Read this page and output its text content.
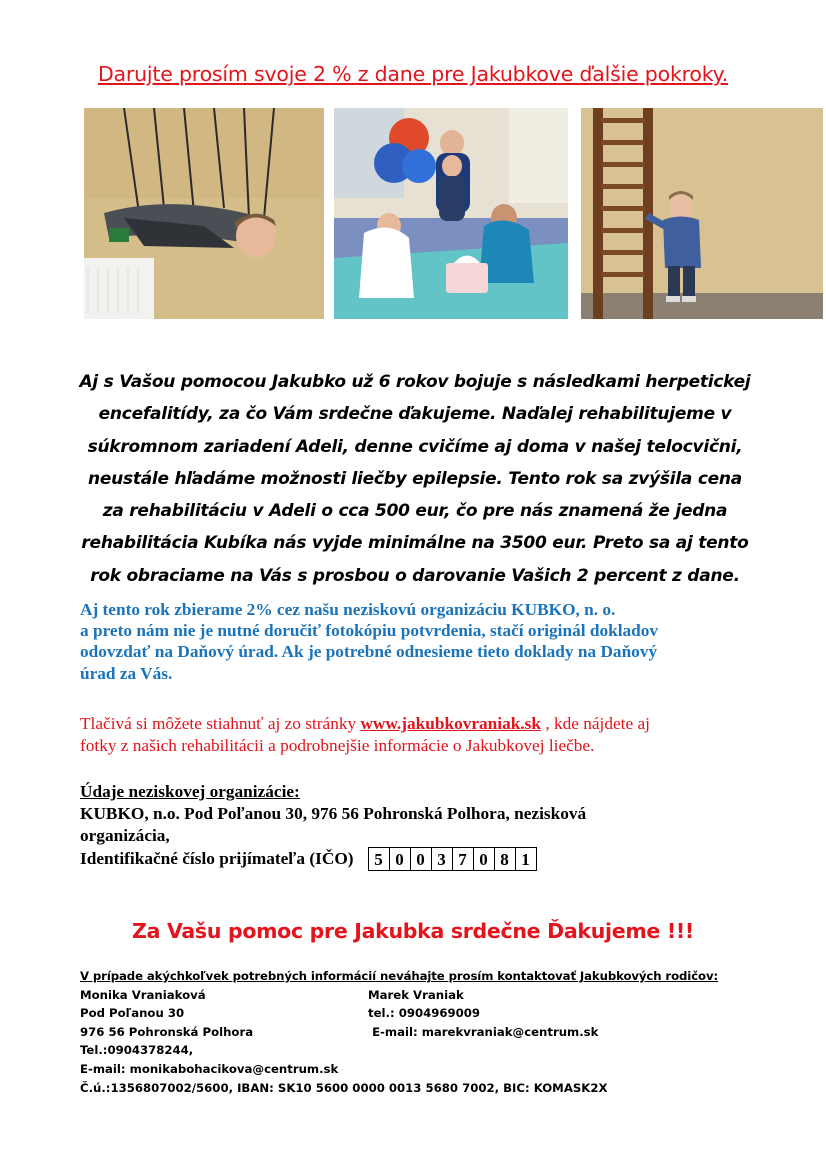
Darujte prosím svoje 2 % z dane pre Jakubkove ďalšie pokroky.

Aj s Vašou pomocou Jakubko už 6 rokov bojuje s následkami herpetickej

encefalitídy, za čo Vám srdečne ďakujeme. Naďalej rehabilitujeme v

súkromnom zariadení Adeli, denne cvičíme aj doma v našej telocvični,

neustále hľadáme možnosti liečby epilepsie. Tento rok sa zvýšila cena

za rehabilitáciu v Adeli o cca 500 eur, čo pre nás znamená že jedna

rehabilitácia Kubíka nás vyjde minimálne na 3500 eur. Preto sa aj tento

rok obraciame na Vás s prosbou o darovanie Vašich 2 percent z dane.

Aj tento rok zbierame 2% cez našu neziskovú organizáciu KUBKO, n. o.

a preto nám nie je nutné doručiť fotokópiu potvrdenia, stačí originál dokladov

odovzdať na Daňový úrad. Ak je potrebné odnesieme tieto doklady na Daňový

úrad za Vás.

Tlačivá si môžete stiahnuť aj zo stránky www.jakubkovraniak.sk , kde nájdete aj

fotky z našich rehabilitácii a podrobnejšie informácie o Jakubkovej liečbe.

Údaje neziskovej organizácie:

KUBKO, n.o. Pod Poľanou 30, 976 56 Pohronská Polhora, nezisková

organizácia,

Identifikačné číslo prijímateľa (IČO)	5 0 0 3 7 0 8 1
Za Vašu pomoc pre Jakubka srdečne Ďakujeme !!!
V prípade akýchkoľvek potrebných informácií neváhajte prosím kontaktovať Jakubkových rodičov:
Monika Vraniaková	Marek Vraniak
Pod Poľanou 30	tel.: 0904969009
976 56 Pohronská Polhora	E-mail: marekvraniak@centrum.sk
Tel.:0904378244,
E-mail: monikabohacikova@centrum.sk
Č.ú.:1356807002/5600, IBAN: SK10 5600 0000 0013 5680 7002, BIC: KOMASK2X
